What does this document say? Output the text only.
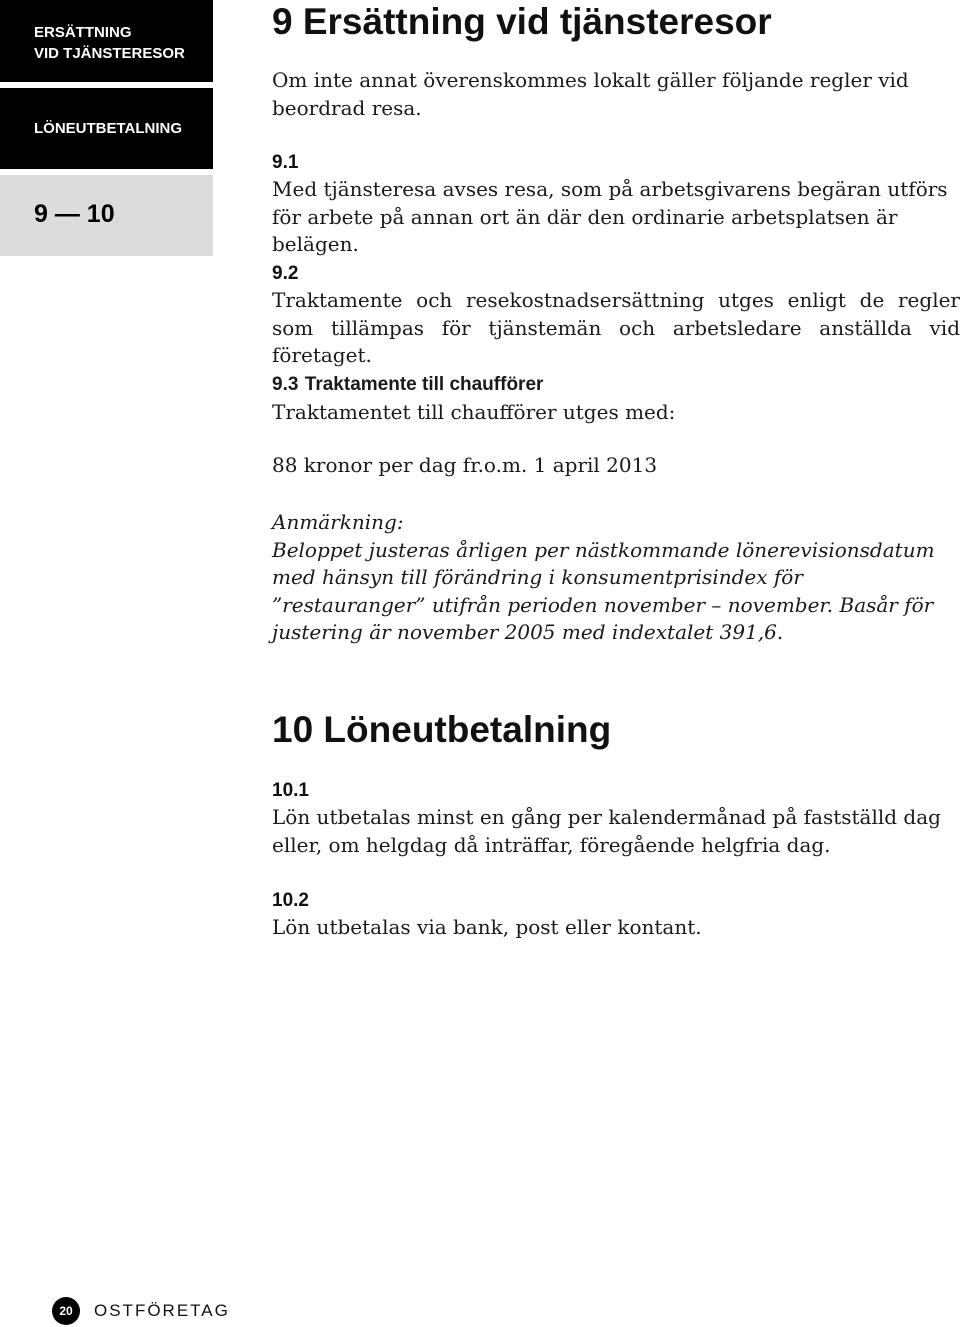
ERSÄTTNING
VID TJÄNSTERESOR
LÖNEUTBETALNING
9 — 10
9 Ersättning vid tjänsteresor
Om inte annat överenskommes lokalt gäller följande regler vid beordrad resa.
9.1
Med tjänsteresa avses resa, som på arbetsgivarens begäran utförs för arbete på annan ort än där den ordinarie arbetsplatsen är belägen.
9.2
Traktamente och resekostnadsersättning utges enligt de regler som tillämpas för tjänstemän och arbetsledare anställda vid företaget.
9.3 Traktamente till chaufförer
Traktamentet till chaufförer utges med:
88 kronor per dag fr.o.m. 1 april 2013
Anmärkning:
Beloppet justeras årligen per nästkommande lönerevisionsdatum med hänsyn till förändring i konsumentprisindex för ”restauranger” utifrån perioden november – november. Basår för justering är november 2005 med indextalet 391,6.
10 Löneutbetalning
10.1
Lön utbetalas minst en gång per kalendermånad på fastställd dag eller, om helgdag då inträffar, föregående helgfria dag.
10.2
Lön utbetalas via bank, post eller kontant.
20	OSTFÖRETAG
